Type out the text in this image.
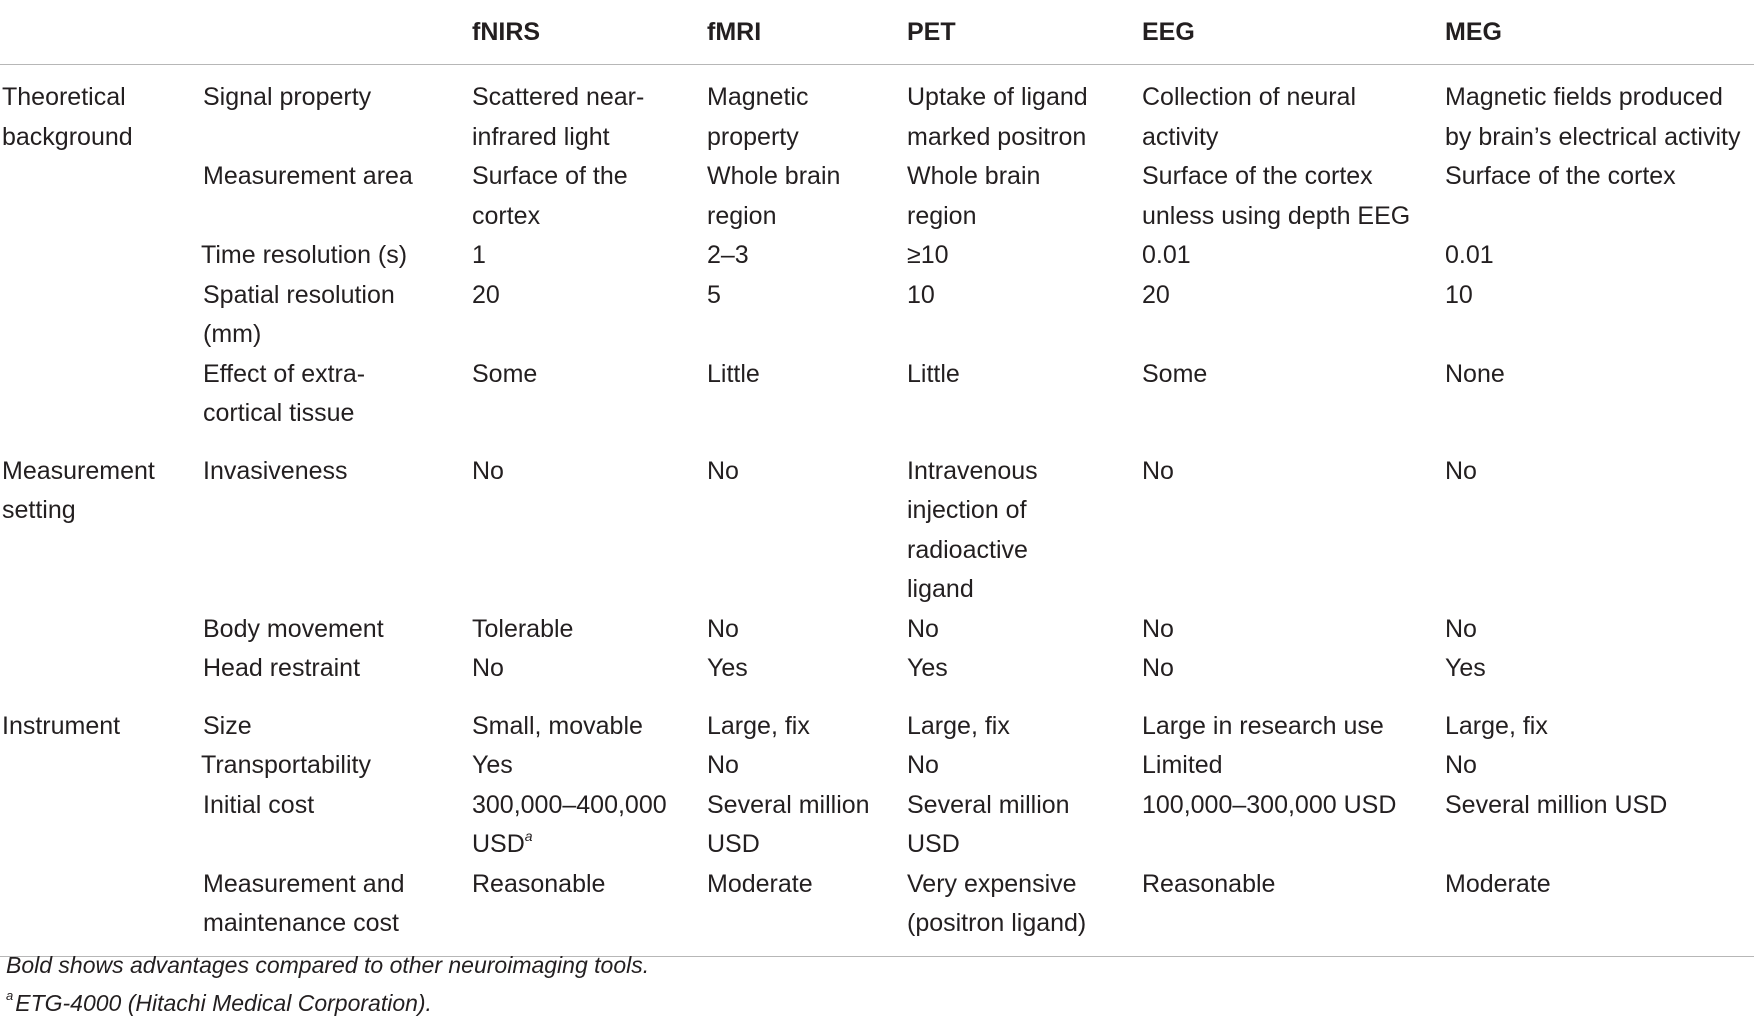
		fNIRS	fMRI	PET	EEG	MEG
Theoretical background	Signal property	Scattered near-infrared light	Magnetic property	Uptake of ligand marked positron	Collection of neural activity	Magnetic fields produced by brain’s electrical activity
	Measurement area	Surface of the cortex	Whole brain region	Whole brain region	Surface of the cortex unless using depth EEG	Surface of the cortex
	Time resolution (s)	1	2–3	≥10	0.01	0.01
	Spatial resolution (mm)	20	5	10	20	10
	Effect of extra-cortical tissue	Some	Little	Little	Some	None
Measurement setting	Invasiveness	No	No	Intravenous injection of radioactive ligand	No	No
	Body movement	Tolerable	No	No	No	No
	Head restraint	No	Yes	Yes	No	Yes
Instrument	Size	Small, movable	Large, fix	Large, fix	Large in research use	Large, fix
	Transportability	Yes	No	No	Limited	No
	Initial cost	300,000–400,000 USD$^a$	Several million USD	Several million USD	100,000–300,000 USD	Several million USD
	Measurement and maintenance cost	Reasonable	Moderate	Very expensive (positron ligand)	Reasonable	Moderate
Bold shows advantages compared to other neuroimaging tools.
$^a$ETG-4000 (Hitachi Medical Corporation).
